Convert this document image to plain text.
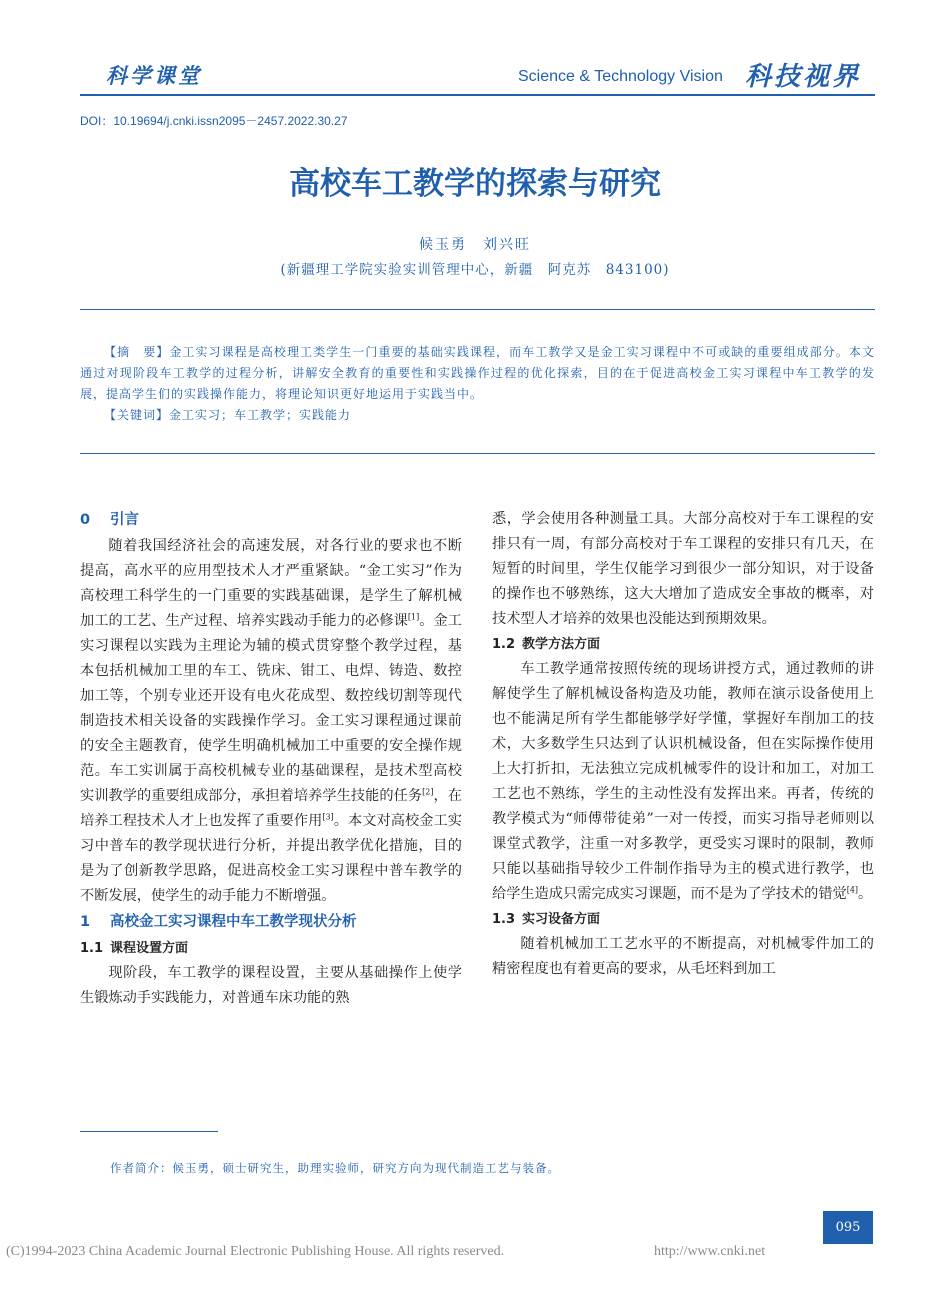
科学课堂	Science & Technology Vision 科技视界
DOI：10.19694/j.cnki.issn2095－2457.2022.30.27
高校车工教学的探索与研究
候玉勇　刘兴旺
(新疆理工学院实验实训管理中心，新疆　阿克苏　843100)

【摘　要】金工实习课程是高校理工类学生一门重要的基础实践课程，而车工教学又是金工实习课程中不可或缺的重要组成部分。本文通过对现阶段车工教学的过程分析，讲解安全教育的重要性和实践操作过程的优化探索，目的在于促进高校金工实习课程中车工教学的发展，提高学生们的实践操作能力，将理论知识更好地运用于实践当中。

【关键词】金工实习；车工教学；实践能力

0 引言

随着我国经济社会的高速发展，对各行业的要求也不断提高，高水平的应用型技术人才严重紧缺。“金工实习”作为高校理工科学生的一门重要的实践基础课，是学生了解机械加工的工艺、生产过程、培养实践动手能力的必修课[1]。金工实习课程以实践为主理论为辅的模式贯穿整个教学过程，基本包括机械加工里的车工、铣床、钳工、电焊、铸造、数控加工等，个别专业还开设有电火花成型、数控线切割等现代制造技术相关设备的实践操作学习。金工实习课程通过课前的安全主题教育，使学生明确机械加工中重要的安全操作规范。车工实训属于高校机械专业的基础课程，是技术型高校实训教学的重要组成部分，承担着培养学生技能的任务[2]，在培养工程技术人才上也发挥了重要作用[3]。本文对高校金工实习中普车的教学现状进行分析，并提出教学优化措施，目的是为了创新教学思路，促进高校金工实习课程中普车教学的不断发展，使学生的动手能力不断增强。

1 高校金工实习课程中车工教学现状分析
1.1 课程设置方面

现阶段，车工教学的课程设置，主要从基础操作上使学生锻炼动手实践能力，对普通车床功能的熟

悉，学会使用各种测量工具。大部分高校对于车工课程的安排只有一周，有部分高校对于车工课程的安排只有几天，在短暂的时间里，学生仅能学习到很少一部分知识，对于设备的操作也不够熟练，这大大增加了造成安全事故的概率，对技术型人才培养的效果也没能达到预期效果。

1.2 教学方法方面

车工教学通常按照传统的现场讲授方式，通过教师的讲解使学生了解机械设备构造及功能，教师在演示设备使用上也不能满足所有学生都能够学好学懂，掌握好车削加工的技术，大多数学生只达到了认识机械设备，但在实际操作使用上大打折扣，无法独立完成机械零件的设计和加工，对加工工艺也不熟练，学生的主动性没有发挥出来。再者，传统的教学模式为“师傅带徒弟”一对一传授，而实习指导老师则以课堂式教学，注重一对多教学，更受实习课时的限制，教师只能以基础指导较少工件制作指导为主的模式进行教学，也给学生造成只需完成实习课题，而不是为了学技术的错觉[4]。

1.3 实习设备方面

随着机械加工工艺水平的不断提高，对机械零件加工的精密程度也有着更高的要求，从毛坯料到加工

作者简介：候玉勇，硕士研究生，助理实验师，研究方向为现代制造工艺与装备。
095
(C)1994-2023 China Academic Journal Electronic Publishing House. All rights reserved.	http://www.cnki.net
